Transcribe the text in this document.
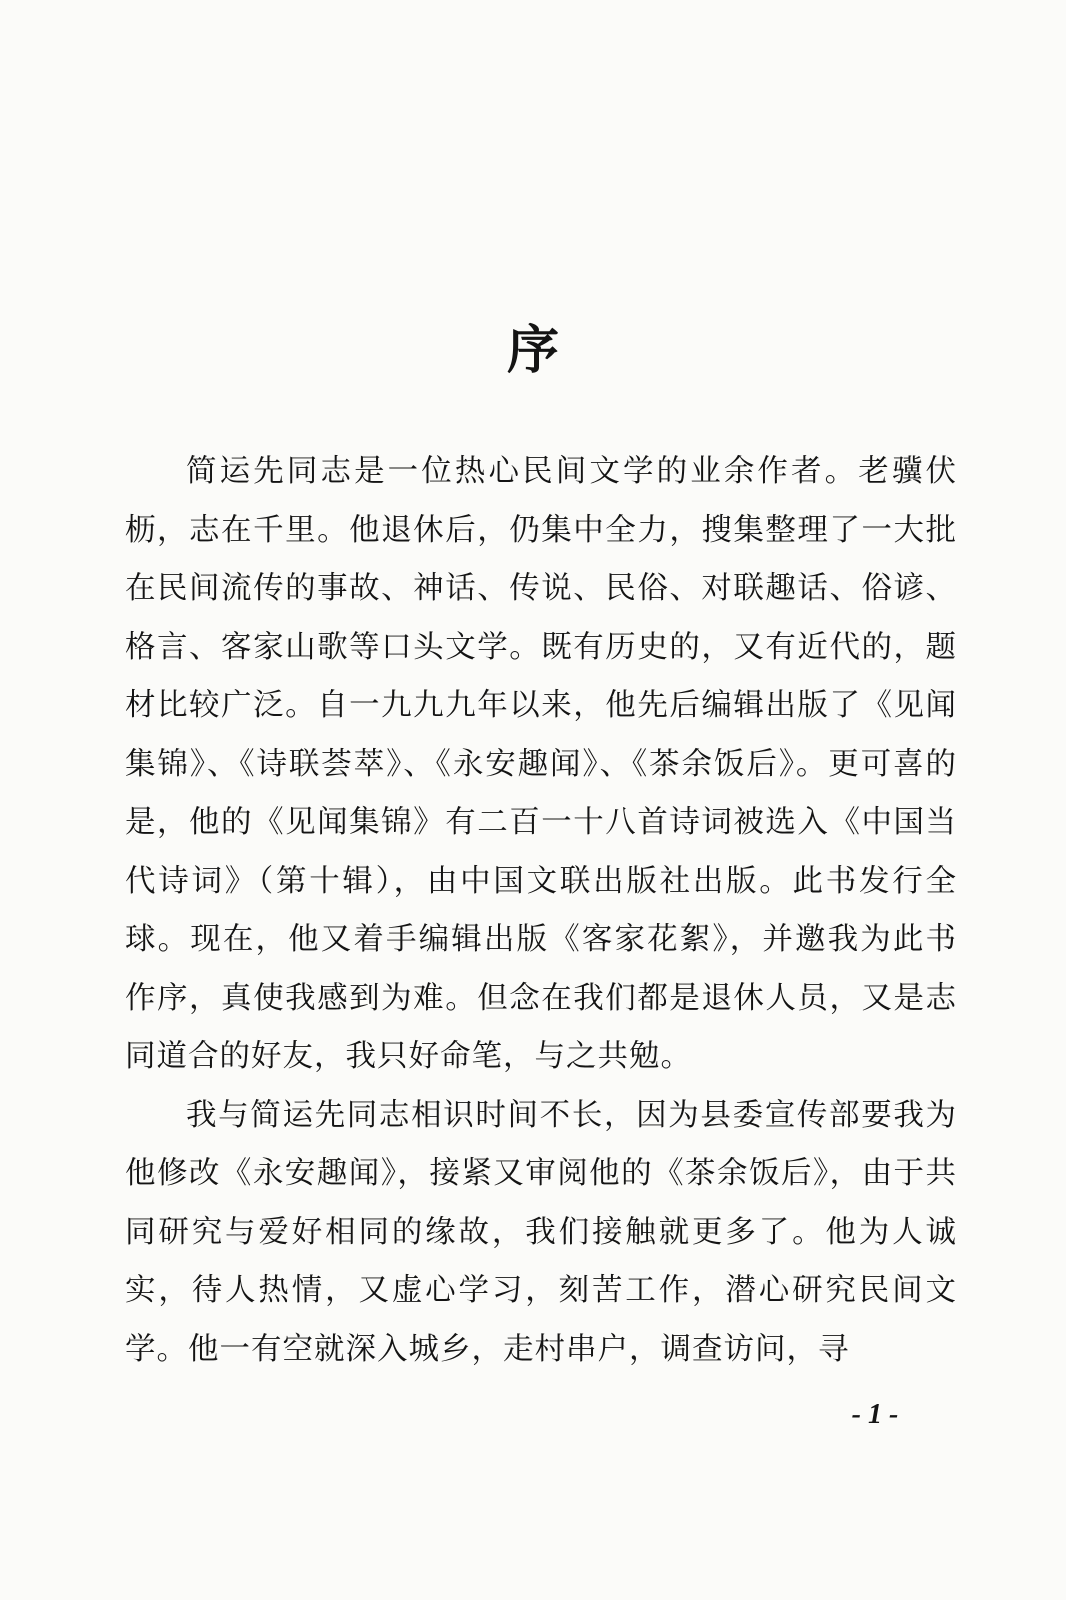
序

简运先同志是一位热心民间文学的业余作者。老骥伏枥，志在千里。他退休后，仍集中全力，搜集整理了一大批在民间流传的事故、神话、传说、民俗、对联趣话、俗谚、格言、客家山歌等口头文学。既有历史的，又有近代的，题材比较广泛。自一九九九年以来，他先后编辑出版了《见闻集锦》、《诗联荟萃》、《永安趣闻》、《茶余饭后》。更可喜的是，他的《见闻集锦》有二百一十八首诗词被选入《中国当代诗词》（第十辑），由中国文联出版社出版。此书发行全球。现在，他又着手编辑出版《客家花絮》，并邀我为此书作序，真使我感到为难。但念在我们都是退休人员，又是志同道合的好友，我只好命笔，与之共勉。

我与简运先同志相识时间不长，因为县委宣传部要我为他修改《永安趣闻》，接紧又审阅他的《茶余饭后》，由于共同研究与爱好相同的缘故，我们接触就更多了。他为人诚实，待人热情，又虚心学习，刻苦工作，潜心研究民间文学。他一有空就深入城乡，走村串户，调查访问，寻

- 1 -
